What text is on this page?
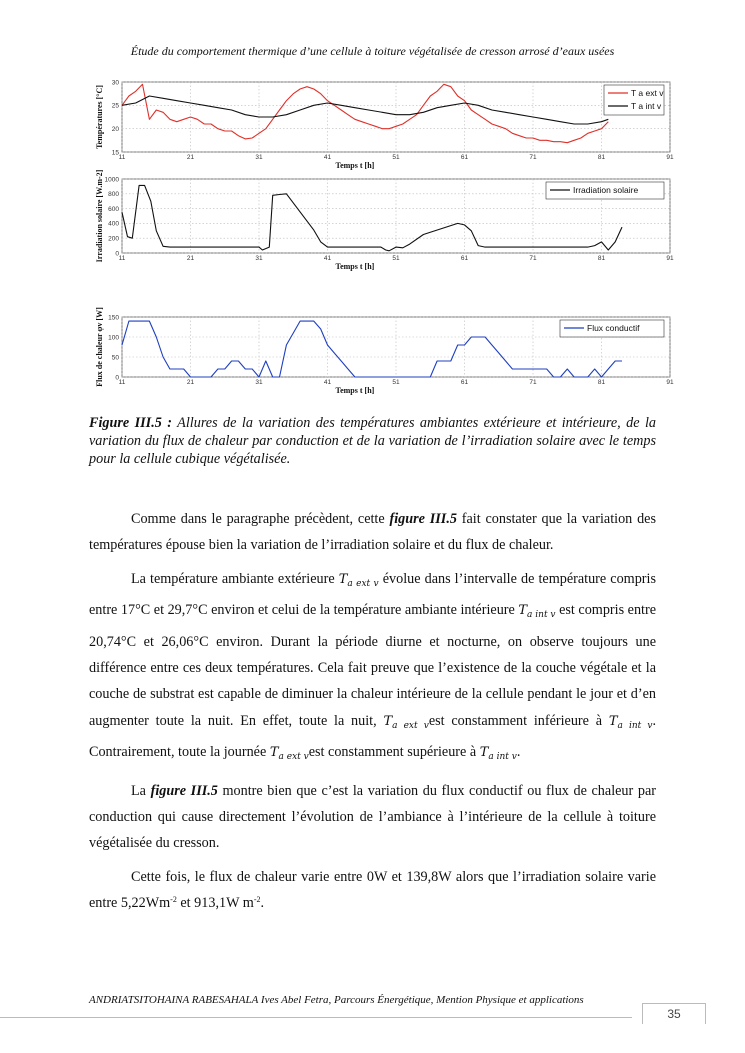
Étude du comportement thermique d’une cellule à toiture végétalisée de cresson arrosé d’eaux usées
11	21	31	41	51	61	71	81	91
15
20
25
30
Temps t [h]
Températures [°C]	T a ext v
T a int v
11	21	31	41	51	61	71	81	91
0
200
400
600
800
1000
Temps t [h]
Irradiation solaire [W.m-2]	Irradiation solaire
11	21	31	41	51	61	71	81	91
0
50
100
150
Temps t [h]
Flux de chaleur φv [W]	Flux conductif
Figure III.5 : Allures de la variation des températures ambiantes extérieure et intérieure, de la variation du flux de chaleur par conduction et de la variation de l’irradiation solaire avec le temps pour la cellule cubique végétalisée.

Comme dans le paragraphe précèdent, cette figure III.5 fait constater que la variation des températures épouse bien la variation de l’irradiation solaire et du flux de chaleur.

La température ambiante extérieure $T_{a ext v}$ évolue dans l’intervalle de température compris entre 17°C et 29,7°C environ et celui de la température ambiante intérieure $T_{a int v}$ est compris entre 20,74°C et 26,06°C environ. Durant la période diurne et nocturne, on observe toujours une différence entre ces deux températures. Cela fait preuve que l’existence de la couche végétale et la couche de substrat est capable de diminuer la chaleur intérieure de la cellule pendant le jour et d’en augmenter toute la nuit. En effet, toute la nuit, $T_{a ext v}est$ constamment inférieure à $T_{a int v}$. Contrairement, toute la journée $T_{a ext v}est$ constamment supérieure à $T_{a int v}$.

La figure III.5 montre bien que c’est la variation du flux conductif ou flux de chaleur par conduction qui cause directement l’évolution de l’ambiance à l’intérieure de la cellule à toiture végétalisée du cresson.

Cette fois, le flux de chaleur varie entre 0W et 139,8W alors que l’irradiation solaire varie entre $5,22Wm^{-2}$ et 913,1W $m^{-2}$.

ANDRIATSITOHAINA RABESAHALA Ives Abel Fetra, Parcours Énergétique, Mention Physique et applications
35
